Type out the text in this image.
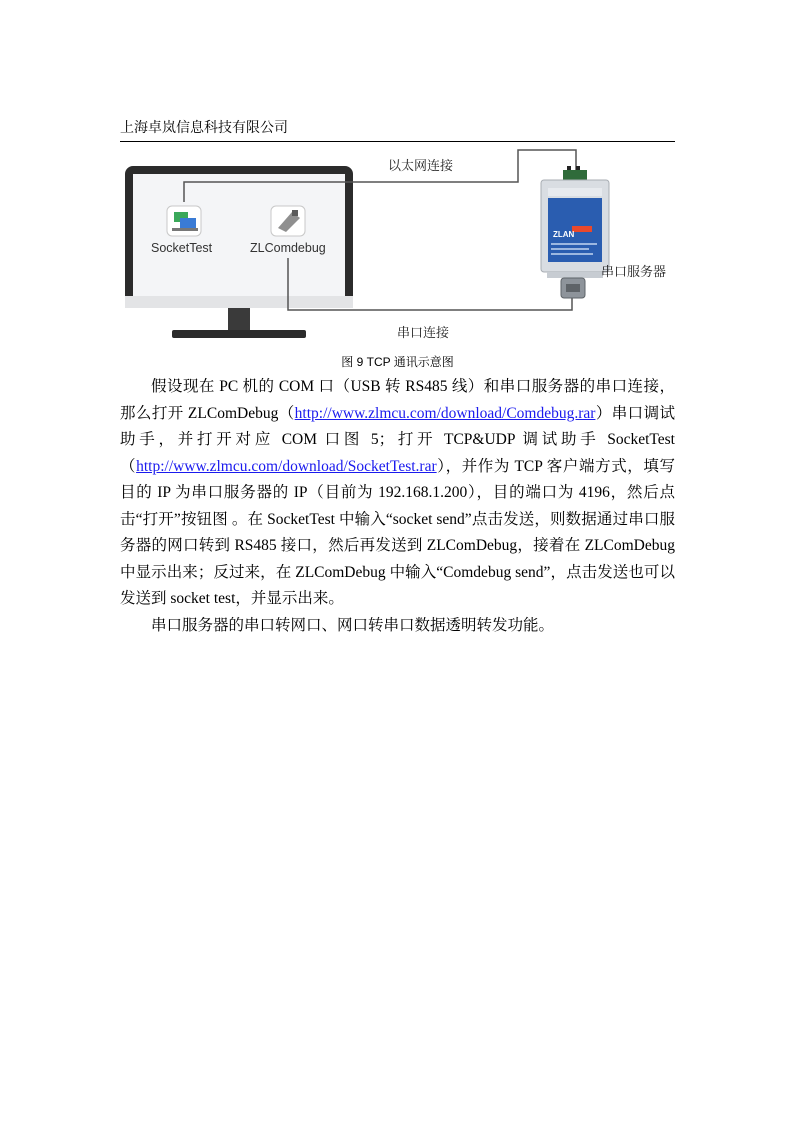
上海卓岚信息科技有限公司
SocketTest	ZLComdebug
以太网连接
串口连接
ZLAN
串口服务器
图 9 TCP 通讯示意图

假设现在 PC 机的 COM 口（USB 转 RS485 线）和串口服务器的串口连接，那么打开 ZLComDebug（http://www.zlmcu.com/download/Comdebug.rar）串口调试助手，并打开对应 COM 口图 5；打开 TCP&UDP 调试助手 SocketTest（http://www.zlmcu.com/download/SocketTest.rar），并作为 TCP 客户端方式，填写目的 IP 为串口服务器的 IP（目前为 192.168.1.200），目的端口为 4196，然后点击“打开”按钮图 。在 SocketTest 中输入“socket send”点击发送，则数据通过串口服务器的网口转到 RS485 接口，然后再发送到 ZLComDebug，接着在 ZLComDebug 中显示出来；反过来，在 ZLComDebug 中输入“Comdebug send”，点击发送也可以发送到 socket test，并显示出来。

串口服务器的串口转网口、网口转串口数据透明转发功能。
